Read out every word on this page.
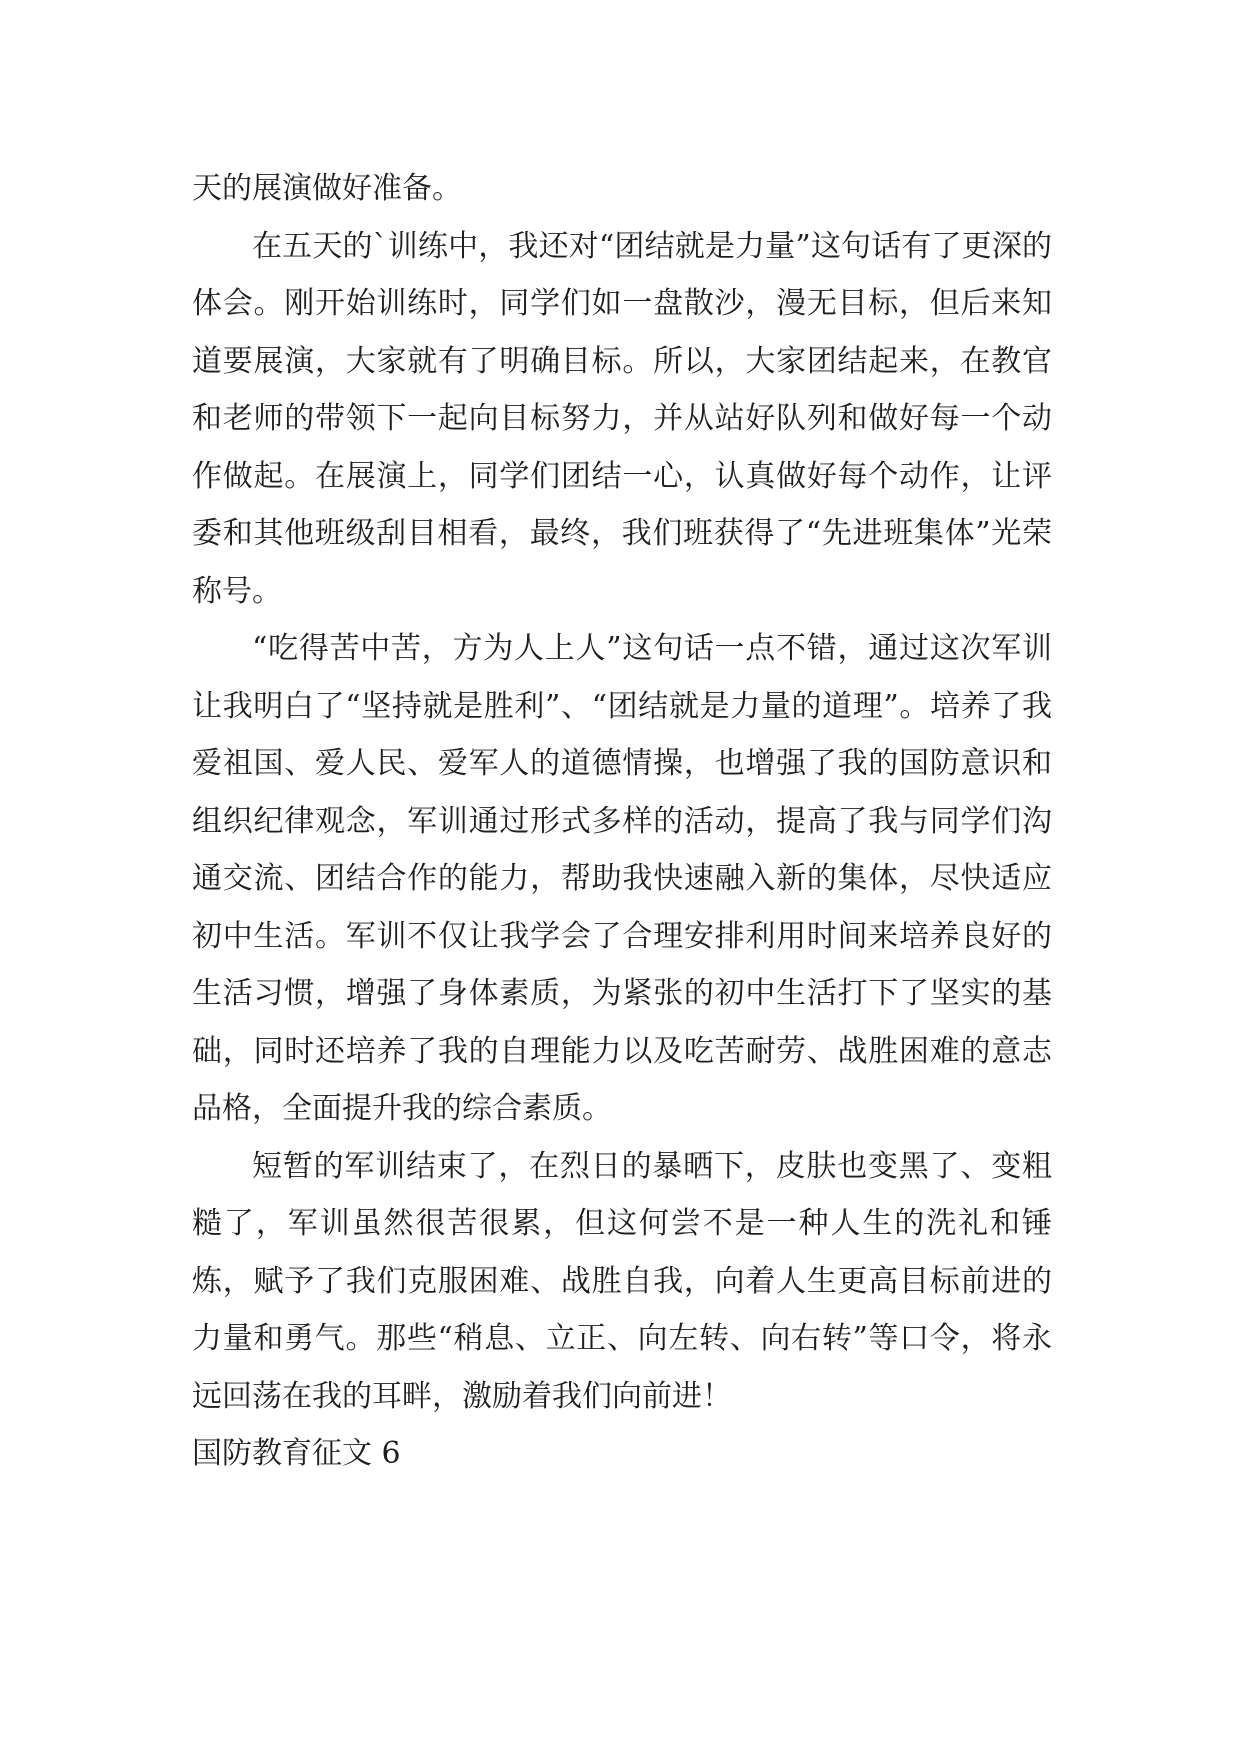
天的展演做好准备。

在五天的`训练中，我还对“团结就是力量”这句话有了更深的体会。刚开始训练时，同学们如一盘散沙，漫无目标，但后来知道要展演，大家就有了明确目标。所以，大家团结起来，在教官和老师的带领下一起向目标努力，并从站好队列和做好每一个动作做起。在展演上，同学们团结一心，认真做好每个动作，让评委和其他班级刮目相看，最终，我们班获得了“先进班集体”光荣称号。

“吃得苦中苦，方为人上人”这句话一点不错，通过这次军训让我明白了“坚持就是胜利”、“团结就是力量的道理”。培养了我爱祖国、爱人民、爱军人的道德情操，也增强了我的国防意识和组织纪律观念，军训通过形式多样的活动，提高了我与同学们沟通交流、团结合作的能力，帮助我快速融入新的集体，尽快适应初中生活。军训不仅让我学会了合理安排利用时间来培养良好的生活习惯，增强了身体素质，为紧张的初中生活打下了坚实的基础，同时还培养了我的自理能力以及吃苦耐劳、战胜困难的意志品格，全面提升我的综合素质。

短暂的军训结束了，在烈日的暴晒下，皮肤也变黑了、变粗糙了，军训虽然很苦很累，但这何尝不是一种人生的洗礼和锤炼，赋予了我们克服困难、战胜自我，向着人生更高目标前进的力量和勇气。那些“稍息、立正、向左转、向右转”等口令，将永远回荡在我的耳畔，激励着我们向前进！

国防教育征文 6
